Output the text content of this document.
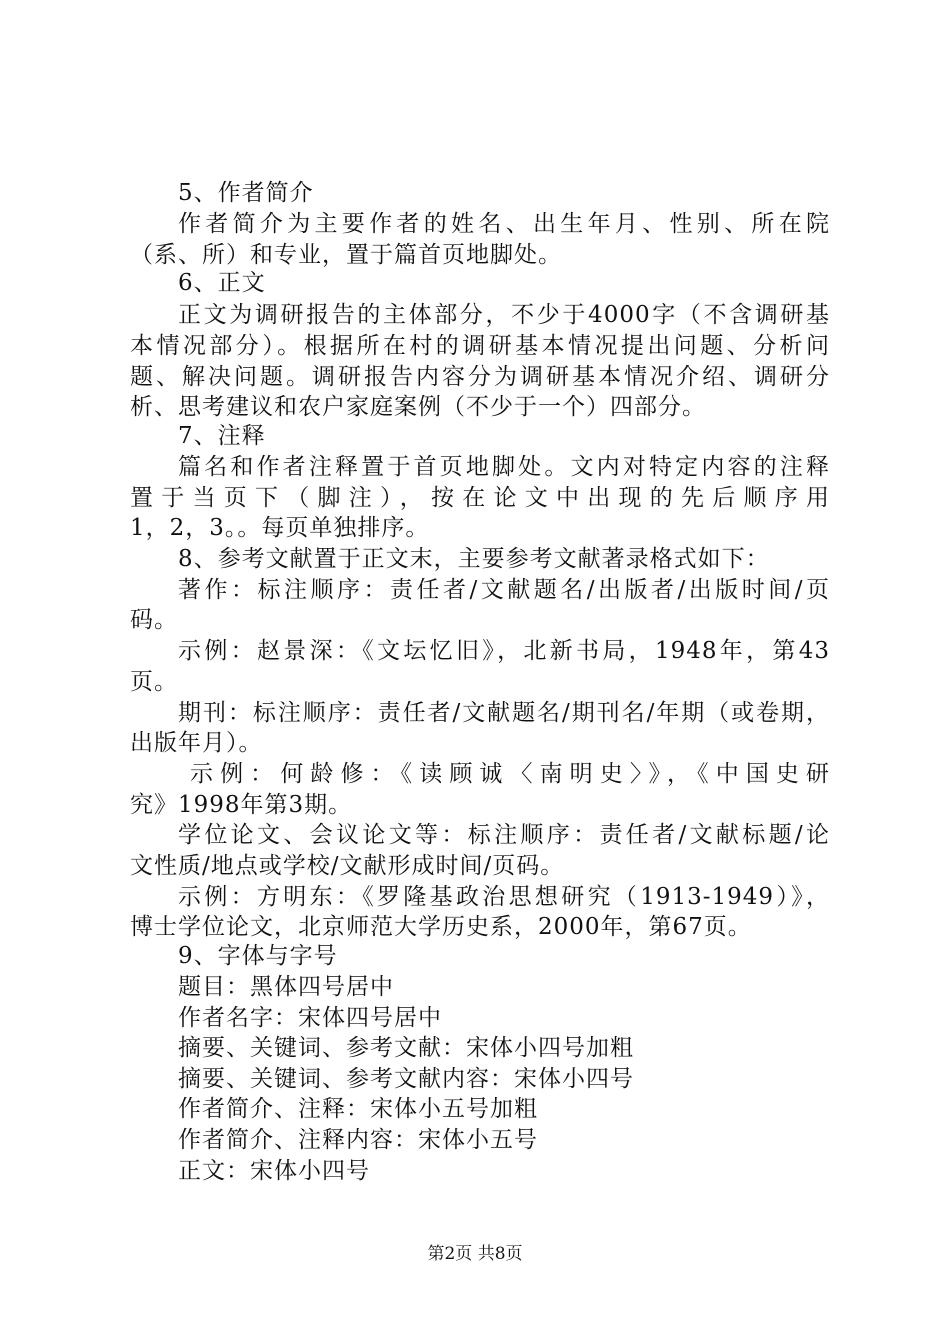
5、作者简介
作者简介为主要作者的姓名、出生年月、性别、所在院
（系、所）和专业，置于篇首页地脚处。
6、正文
正文为调研报告的主体部分，不少于4000字（不含调研基
本情况部分）。根据所在村的调研基本情况提出问题、分析问
题、解决问题。调研报告内容分为调研基本情况介绍、调研分
析、思考建议和农户家庭案例（不少于一个）四部分。
7、注释
篇名和作者注释置于首页地脚处。文内对特定内容的注释
置于当页下（脚注），按在论文中出现的先后顺序用
1，2，3。。每页单独排序。
8、参考文献置于正文末，主要参考文献著录格式如下：
著作：标注顺序：责任者/文献题名/出版者/出版时间/页
码。
示例：赵景深：《文坛忆旧》，北新书局，1948年，第43
页。
期刊：标注顺序：责任者/文献题名/期刊名/年期（或卷期，
出版年月）。
示例：何龄修：《读顾诚〈南明史〉》，《中国史研
究》1998年第3期。
学位论文、会议论文等：标注顺序：责任者/文献标题/论
文性质/地点或学校/文献形成时间/页码。
示例：方明东：《罗隆基政治思想研究（1913-1949）》，
博士学位论文，北京师范大学历史系，2000年，第67页。
9、字体与字号
题目：黑体四号居中
作者名字：宋体四号居中
摘要、关键词、参考文献：宋体小四号加粗
摘要、关键词、参考文献内容：宋体小四号
作者简介、注释：宋体小五号加粗
作者简介、注释内容：宋体小五号
正文：宋体小四号
第2页 共8页
